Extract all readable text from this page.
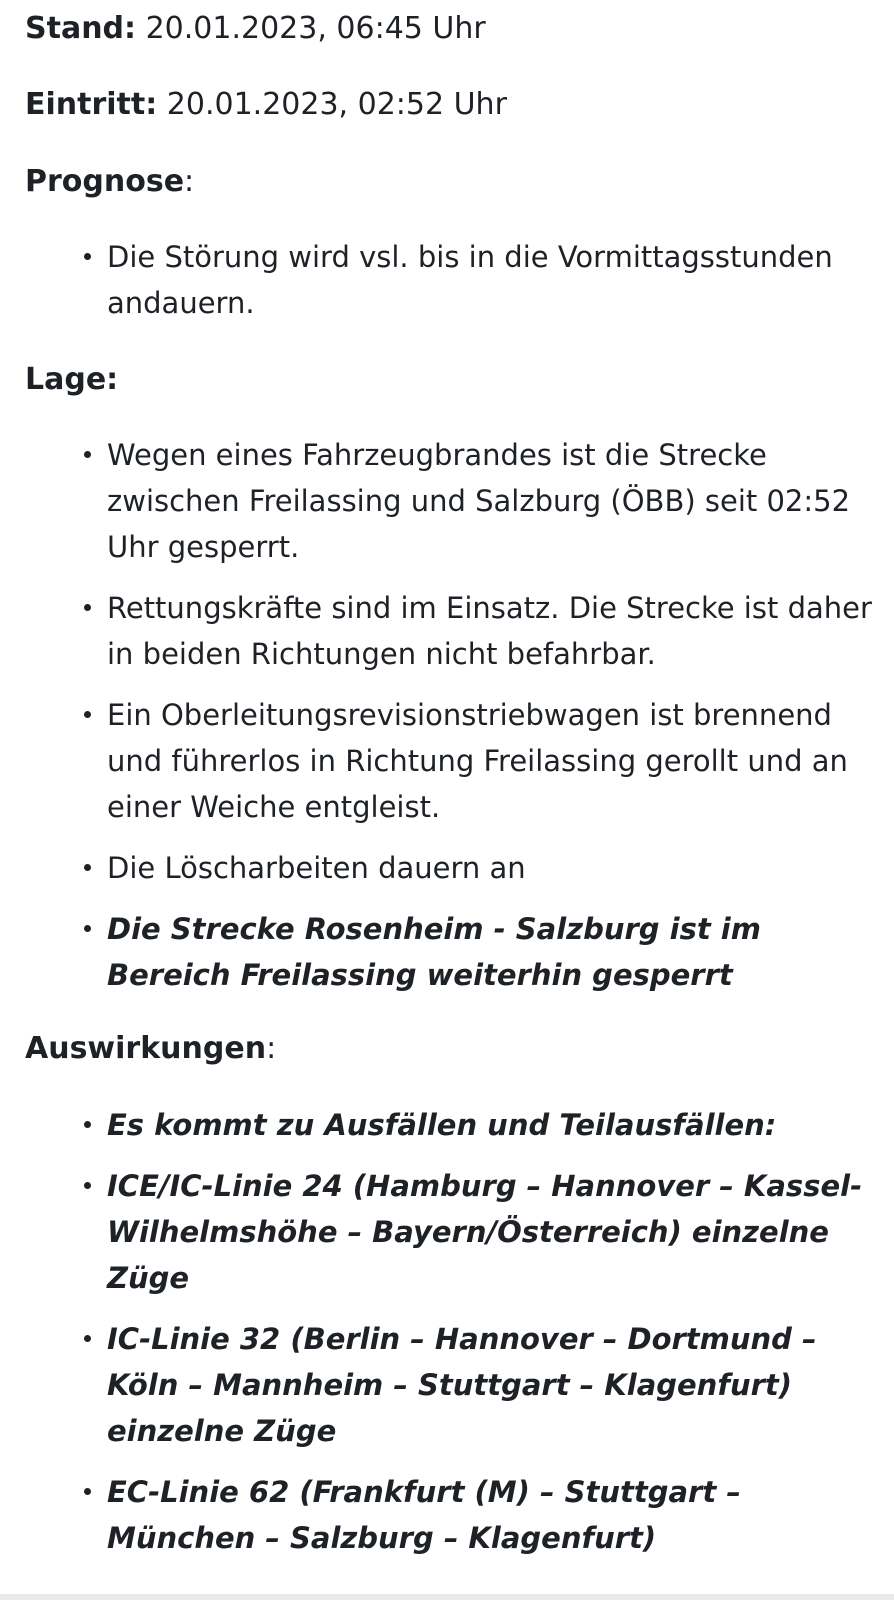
Stand: 20.01.2023, 06:45 Uhr

Eintritt: 20.01.2023, 02:52 Uhr

Prognose:

Die Störung wird vsl. bis in die Vormittagsstunden andauern.

Lage:

Wegen eines Fahrzeugbrandes ist die Strecke zwischen Freilassing und Salzburg (ÖBB) seit 02:52 Uhr gesperrt.
Rettungskräfte sind im Einsatz. Die Strecke ist daher in beiden Richtungen nicht befahrbar.
Ein Oberleitungsrevisionstriebwagen ist brennend und führerlos in Richtung Freilassing gerollt und an einer Weiche entgleist.
Die Löscharbeiten dauern an
Die Strecke Rosenheim - Salzburg ist im Bereich Freilassing weiterhin gesperrt

Auswirkungen:

Es kommt zu Ausfällen und Teilausfällen:
ICE/IC-Linie 24 (Hamburg – Hannover – Kassel-Wilhelmshöhe – Bayern/Österreich) einzelne Züge
IC-Linie 32 (Berlin – Hannover – Dortmund – Köln – Mannheim – Stuttgart – Klagenfurt) einzelne Züge
EC-Linie 62 (Frankfurt (M) – Stuttgart – München – Salzburg – Klagenfurt)
